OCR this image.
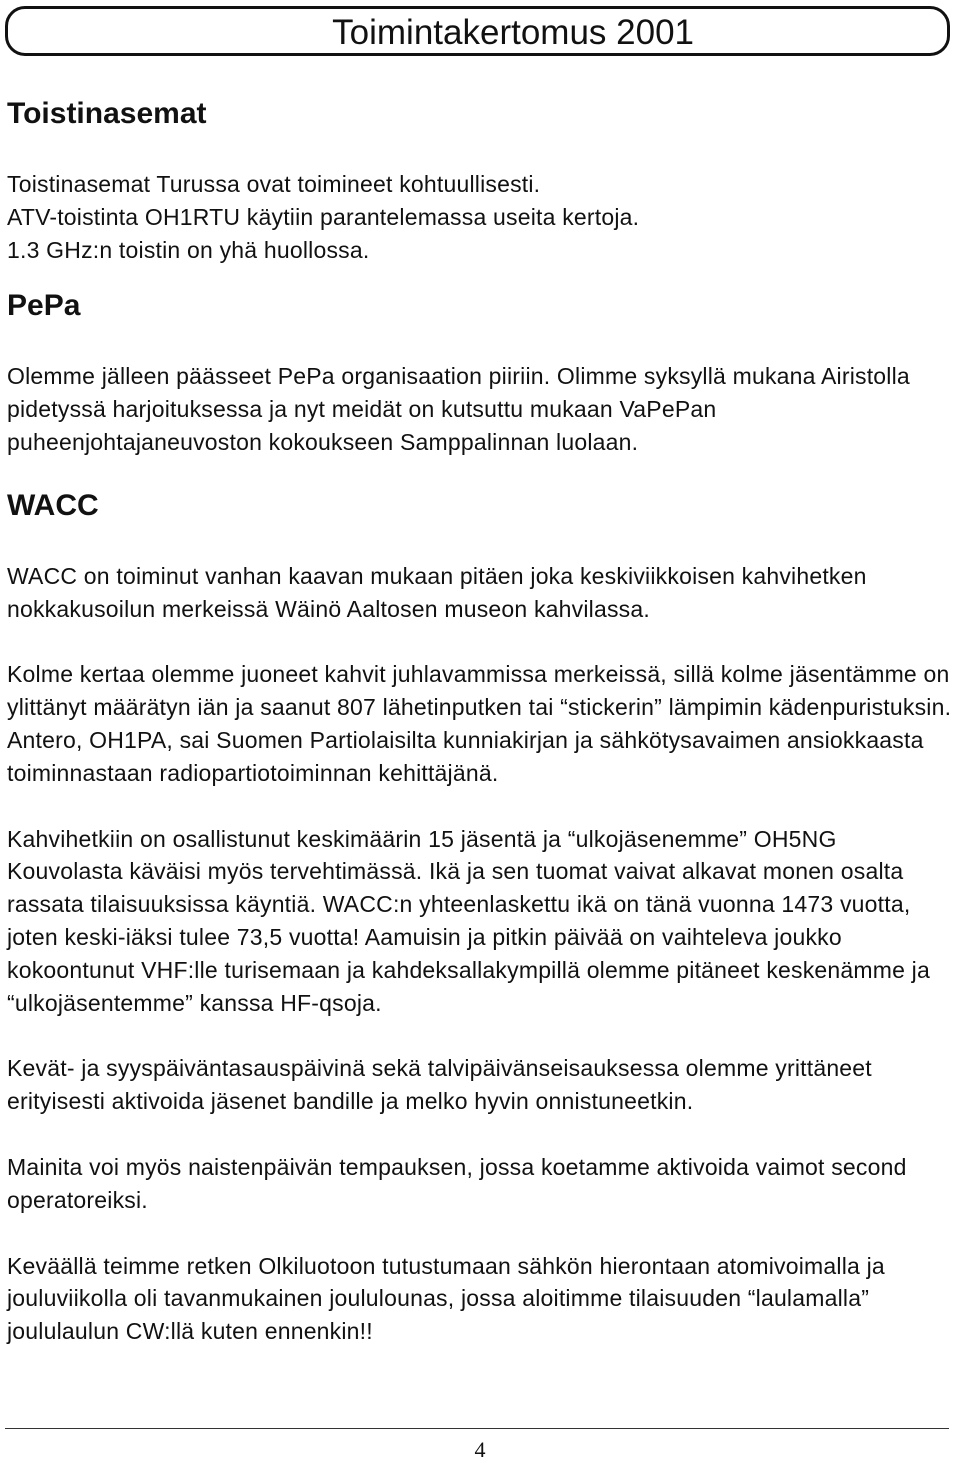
Toimintakertomus 2001
Toistinasemat

Toistinasemat Turussa ovat toimineet kohtuullisesti.
ATV-toistinta OH1RTU käytiin parantelemassa useita kertoja.
1.3 GHz:n toistin on yhä huollossa.

PePa

Olemme jälleen päässeet PePa organisaation piiriin. Olimme syksyllä mukana Airistolla pidetyssä harjoituksessa ja nyt meidät on kutsuttu mukaan VaPePan puheenjohtajaneuvoston kokoukseen Samppalinnan luolaan.

WACC

WACC on toiminut vanhan kaavan mukaan pitäen joka keskiviikkoisen kahvihetken nokkakusoilun merkeissä Wäinö Aaltosen museon kahvilassa.

Kolme kertaa olemme juoneet kahvit juhlavammissa merkeissä, sillä kolme jäsentämme on ylittänyt määrätyn iän ja saanut 807 lähetinputken tai “stickerin” lämpimin kädenpuristuksin. Antero, OH1PA, sai Suomen Partiolaisilta kunniakirjan ja sähkötysavaimen ansiokkaasta toiminnastaan radiopartiotoiminnan kehittäjänä.

Kahvihetkiin on osallistunut keskimäärin 15 jäsentä ja “ulkojäsenemme” OH5NG Kouvolasta käväisi myös tervehtimässä. Ikä ja sen tuomat vaivat alkavat monen osalta rassata tilaisuuksissa käyntiä. WACC:n yhteenlaskettu ikä on tänä vuonna 1473 vuotta, joten keski-iäksi tulee 73,5 vuotta! Aamuisin ja pitkin päivää on vaihteleva joukko kokoontunut VHF:lle turisemaan ja kahdeksallakympillä olemme pitäneet keskenämme ja “ulkojäsentemme” kanssa HF-qsoja.

Kevät- ja syyspäiväntasauspäivinä sekä talvipäivänseisauksessa olemme yrittäneet erityisesti aktivoida jäsenet bandille ja melko hyvin onnistuneetkin.

Mainita voi myös naistenpäivän tempauksen, jossa koetamme aktivoida vaimot second operatoreiksi.

Keväällä teimme retken Olkiluotoon tutustumaan sähkön hierontaan atomivoimalla ja jouluviikolla oli tavanmukainen joululounas, jossa aloitimme tilaisuuden “laulamalla” joululaulun CW:llä kuten ennenkin!!

4
